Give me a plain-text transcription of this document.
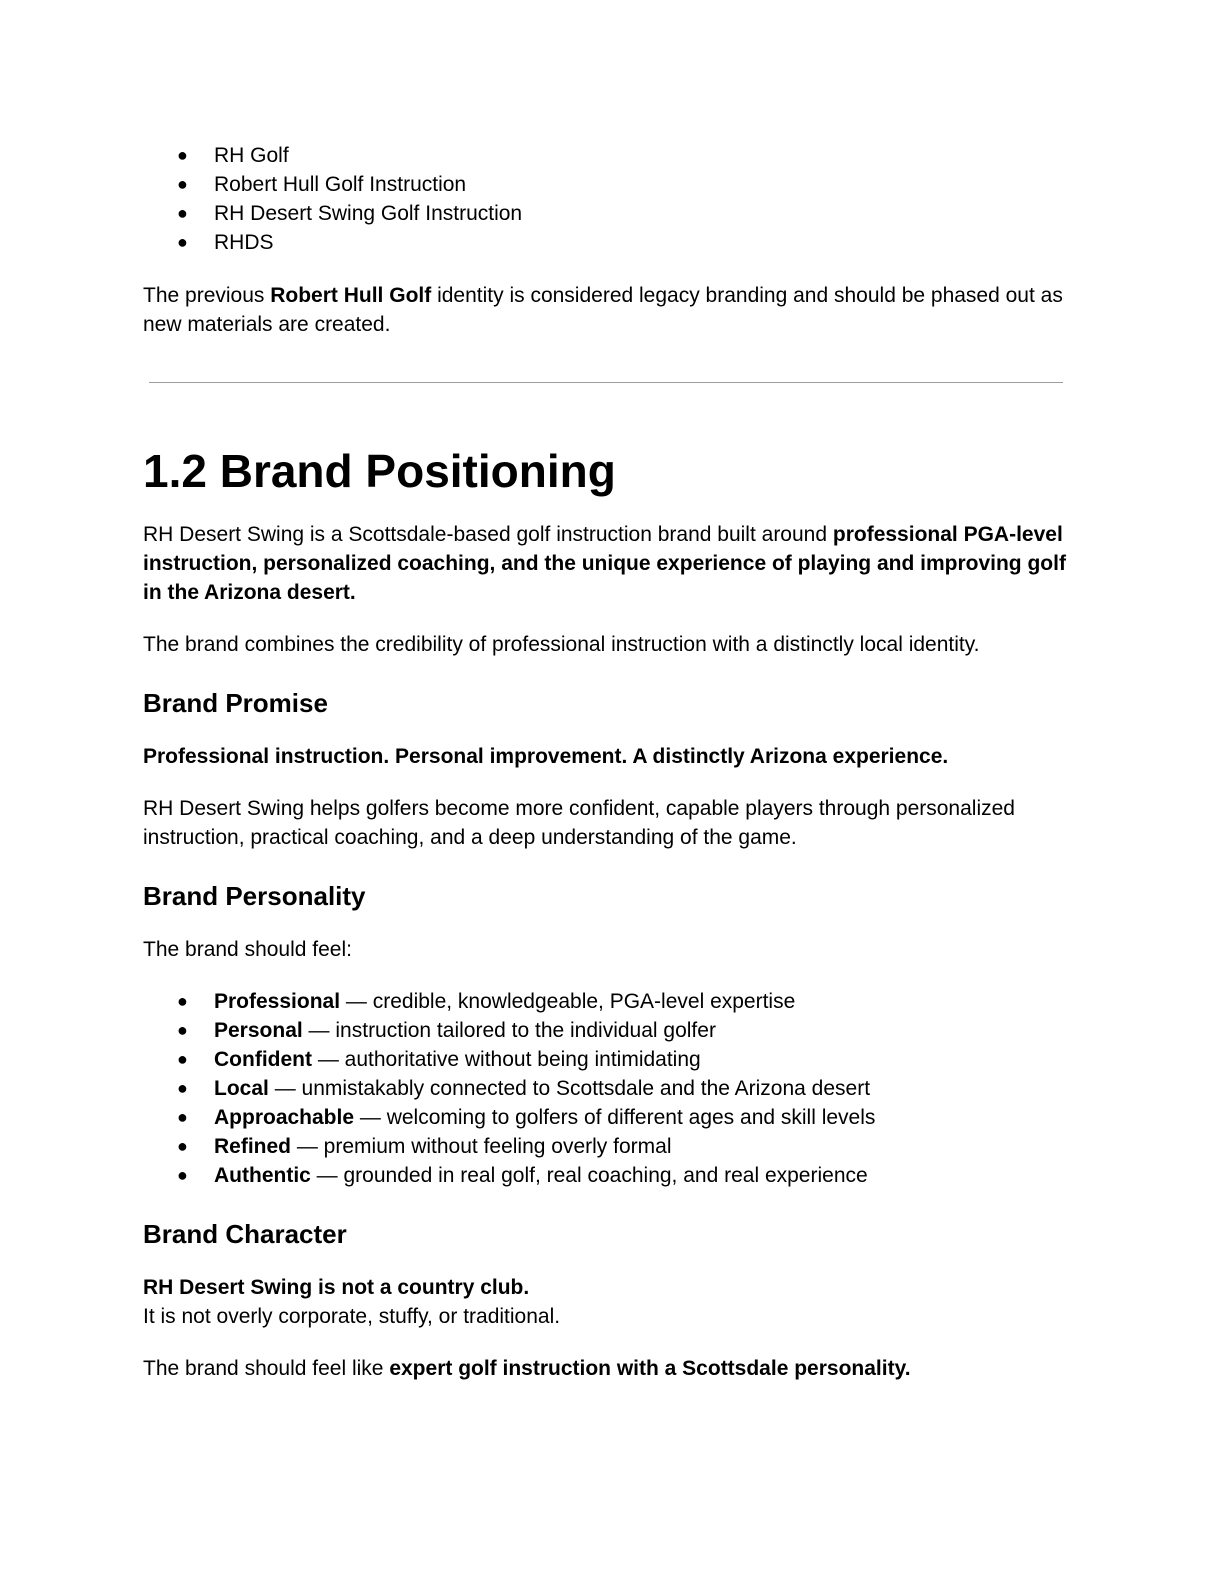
● RH Golf
● Robert Hull Golf Instruction
● RH Desert Swing Golf Instruction
● RHDS

The previous Robert Hull Golf identity is considered legacy branding and should be phased out as new materials are created.

1.2 Brand Positioning

RH Desert Swing is a Scottsdale-based golf instruction brand built around professional PGA-level instruction, personalized coaching, and the unique experience of playing and improving golf in the Arizona desert.

The brand combines the credibility of professional instruction with a distinctly local identity.

Brand Promise

Professional instruction. Personal improvement. A distinctly Arizona experience.

RH Desert Swing helps golfers become more confident, capable players through personalized instruction, practical coaching, and a deep understanding of the game.

Brand Personality

The brand should feel:

● Professional — credible, knowledgeable, PGA-level expertise
● Personal — instruction tailored to the individual golfer
● Confident — authoritative without being intimidating
● Local — unmistakably connected to Scottsdale and the Arizona desert
● Approachable — welcoming to golfers of different ages and skill levels
● Refined — premium without feeling overly formal
● Authentic — grounded in real golf, real coaching, and real experience
Brand Character

RH Desert Swing is not a country club.

It is not overly corporate, stuffy, or traditional.

The brand should feel like expert golf instruction with a Scottsdale personality.
